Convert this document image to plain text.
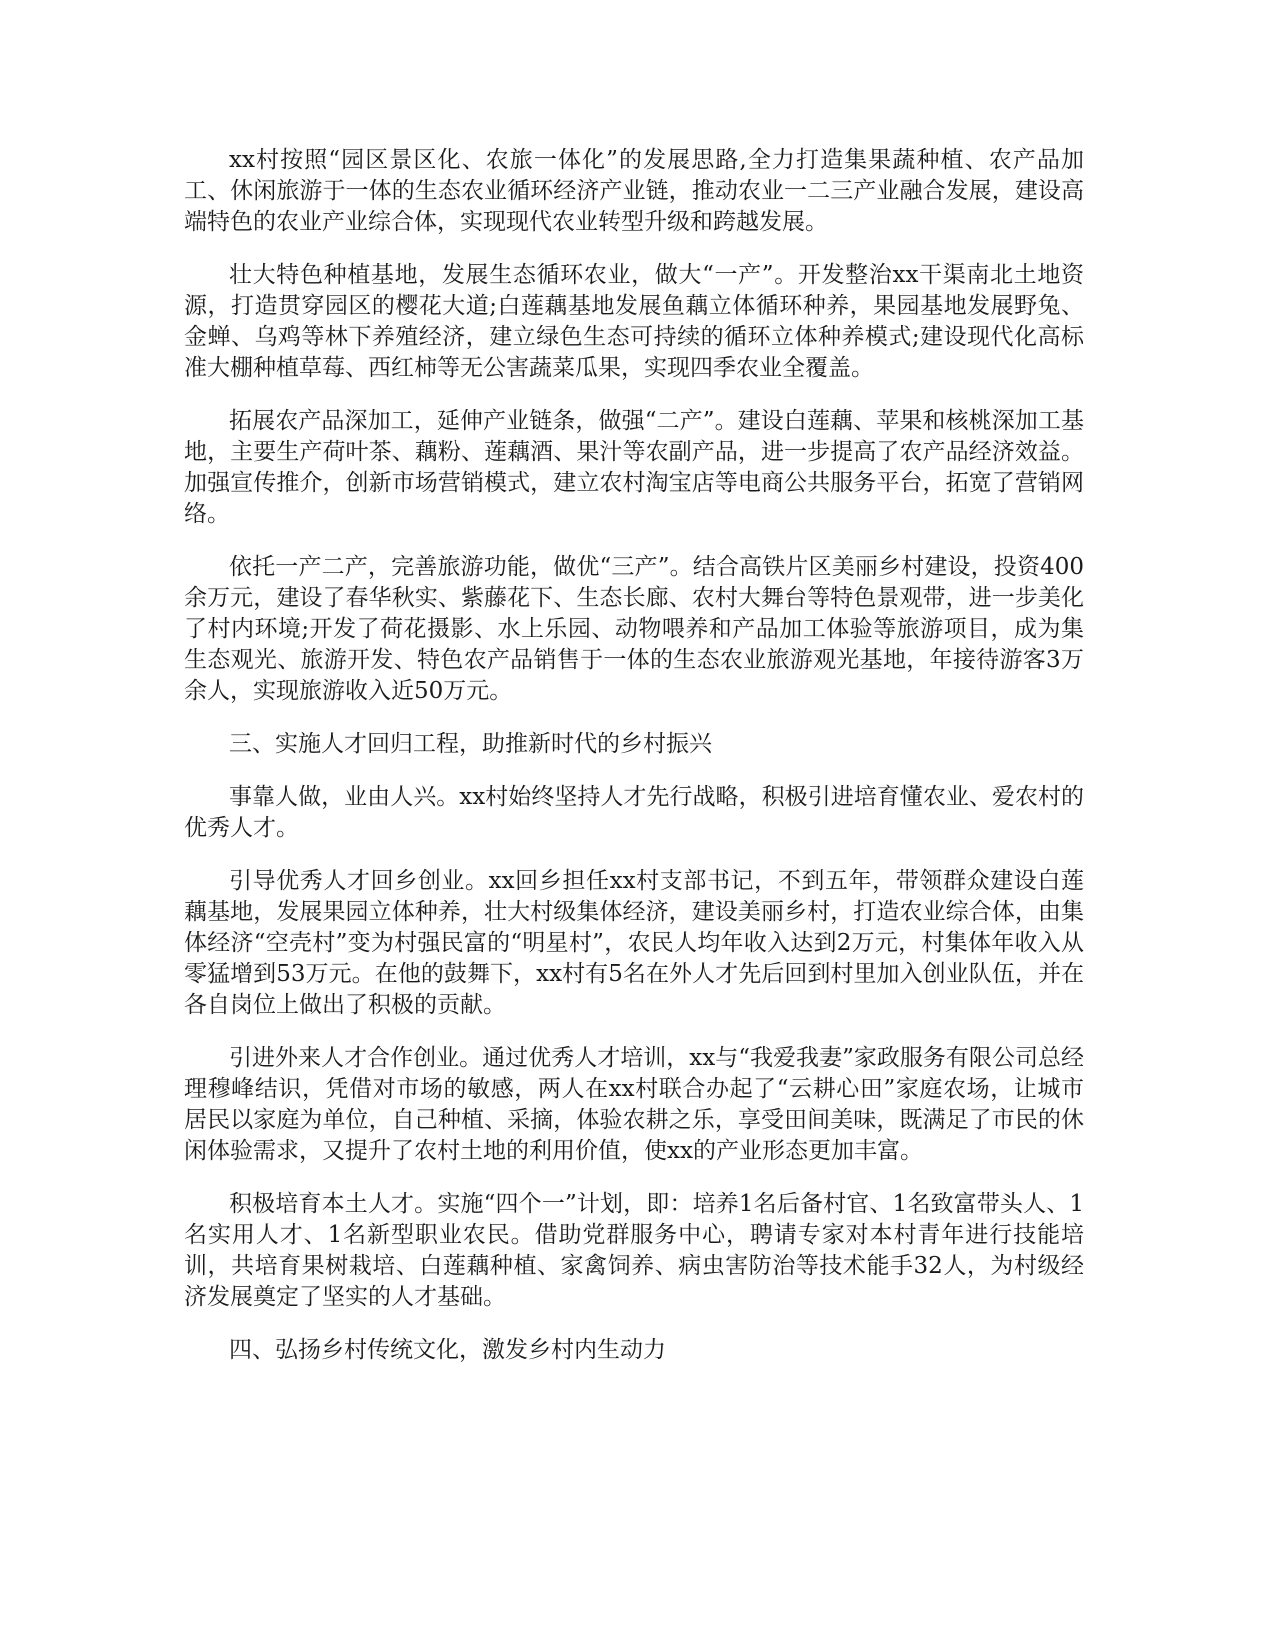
xx村按照“园区景区化、农旅一体化”的发展思路,全力打造集果蔬种植、农产品加工、休闲旅游于一体的生态农业循环经济产业链，推动农业一二三产业融合发展，建设高端特色的农业产业综合体，实现现代农业转型升级和跨越发展。

壮大特色种植基地，发展生态循环农业，做大“一产”。开发整治xx干渠南北土地资源，打造贯穿园区的樱花大道;白莲藕基地发展鱼藕立体循环种养，果园基地发展野兔、金蝉、乌鸡等林下养殖经济，建立绿色生态可持续的循环立体种养模式;建设现代化高标准大棚种植草莓、西红柿等无公害蔬菜瓜果，实现四季农业全覆盖。

拓展农产品深加工，延伸产业链条，做强“二产”。建设白莲藕、苹果和核桃深加工基地，主要生产荷叶茶、藕粉、莲藕酒、果汁等农副产品，进一步提高了农产品经济效益。加强宣传推介，创新市场营销模式，建立农村淘宝店等电商公共服务平台，拓宽了营销网络。

依托一产二产，完善旅游功能，做优“三产”。结合高铁片区美丽乡村建设，投资400余万元，建设了春华秋实、紫藤花下、生态长廊、农村大舞台等特色景观带，进一步美化了村内环境;开发了荷花摄影、水上乐园、动物喂养和产品加工体验等旅游项目，成为集生态观光、旅游开发、特色农产品销售于一体的生态农业旅游观光基地，年接待游客3万余人，实现旅游收入近50万元。

三、实施人才回归工程，助推新时代的乡村振兴

事靠人做，业由人兴。xx村始终坚持人才先行战略，积极引进培育懂农业、爱农村的优秀人才。

引导优秀人才回乡创业。xx回乡担任xx村支部书记，不到五年，带领群众建设白莲藕基地，发展果园立体种养，壮大村级集体经济，建设美丽乡村，打造农业综合体，由集体经济“空壳村”变为村强民富的“明星村”，农民人均年收入达到2万元，村集体年收入从零猛增到53万元。在他的鼓舞下，xx村有5名在外人才先后回到村里加入创业队伍，并在各自岗位上做出了积极的贡献。

引进外来人才合作创业。通过优秀人才培训，xx与“我爱我妻”家政服务有限公司总经理穆峰结识，凭借对市场的敏感，两人在xx村联合办起了“云耕心田”家庭农场，让城市居民以家庭为单位，自己种植、采摘，体验农耕之乐，享受田间美味，既满足了市民的休闲体验需求，又提升了农村土地的利用价值，使xx的产业形态更加丰富。

积极培育本土人才。实施“四个一”计划，即：培养1名后备村官、1名致富带头人、1名实用人才、1名新型职业农民。借助党群服务中心，聘请专家对本村青年进行技能培训，共培育果树栽培、白莲藕种植、家禽饲养、病虫害防治等技术能手32人，为村级经济发展奠定了坚实的人才基础。

四、弘扬乡村传统文化，激发乡村内生动力
